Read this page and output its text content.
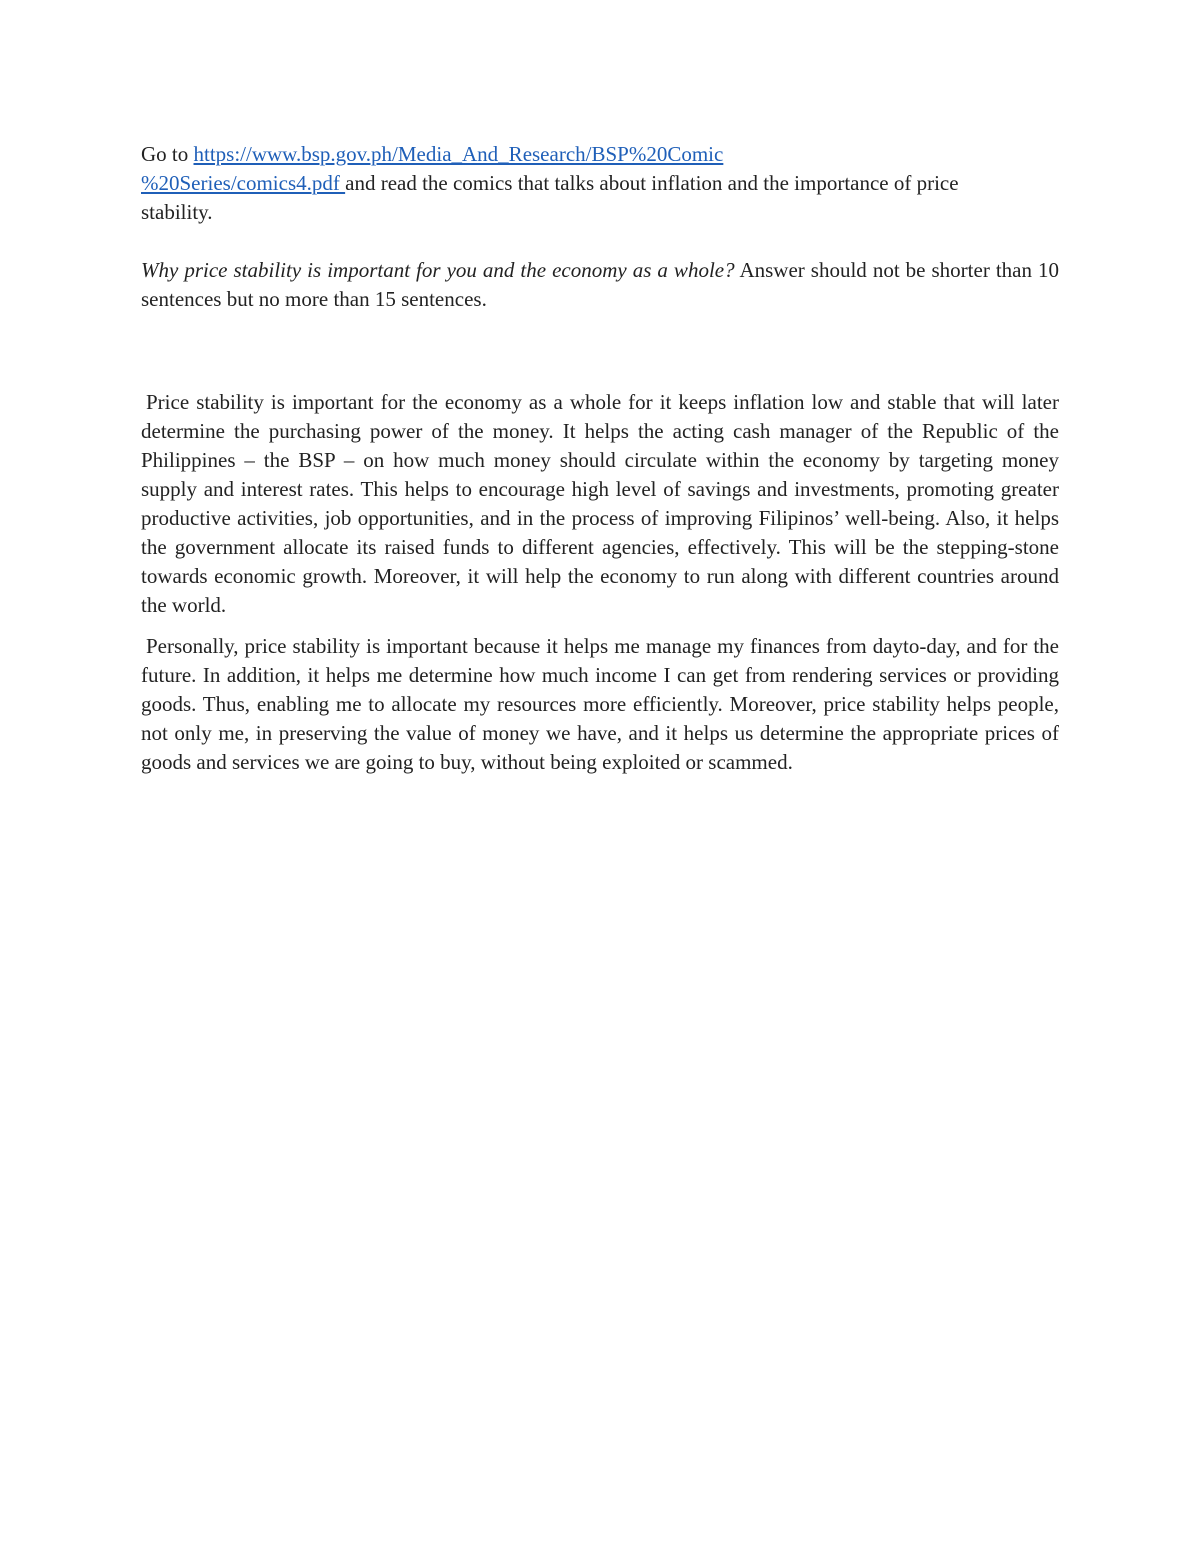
Go to https://www.bsp.gov.ph/Media_And_Research/BSP%20Comic
%20Series/comics4.pdf and read the comics that talks about inflation and the importance of price stability.

Why price stability is important for you and the economy as a whole? Answer should not be shorter than 10 sentences but no more than 15 sentences.

Price stability is important for the economy as a whole for it keeps inflation low and stable that will later determine the purchasing power of the money. It helps the acting cash manager of the Republic of the Philippines – the BSP – on how much money should circulate within the economy by targeting money supply and interest rates. This helps to encourage high level of savings and investments, promoting greater productive activities, job opportunities, and in the process of improving Filipinos’ well-being. Also, it helps the government allocate its raised funds to different agencies, effectively. This will be the stepping-stone towards economic growth. Moreover, it will help the economy to run along with different countries around the world.

Personally, price stability is important because it helps me manage my finances from dayto-day, and for the future. In addition, it helps me determine how much income I can get from rendering services or providing goods. Thus, enabling me to allocate my resources more efficiently. Moreover, price stability helps people, not only me, in preserving the value of money we have, and it helps us determine the appropriate prices of goods and services we are going to buy, without being exploited or scammed.
